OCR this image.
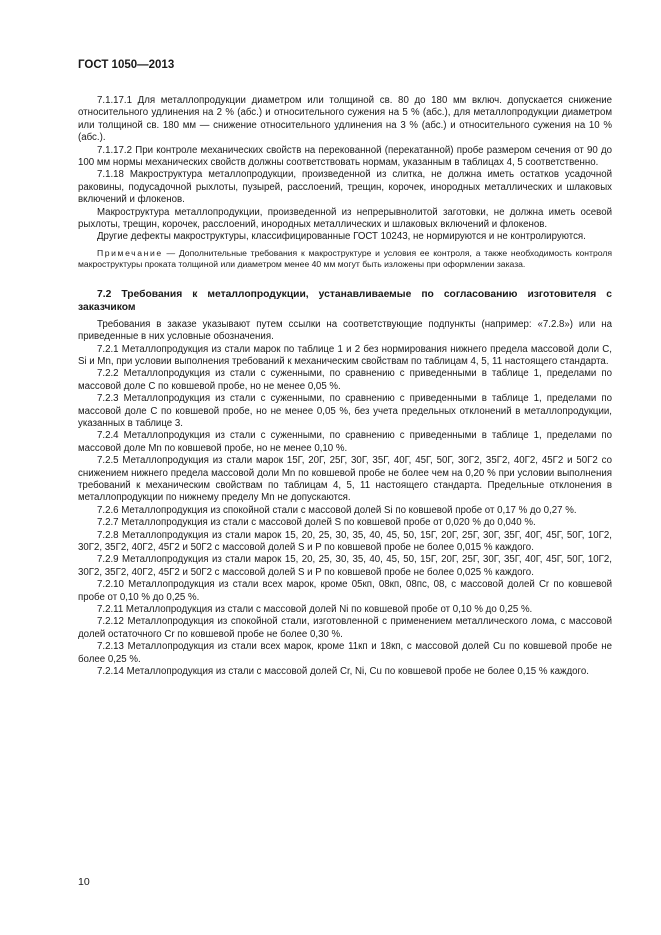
ГОСТ 1050—2013

7.1.17.1 Для металлопродукции диаметром или толщиной св. 80 до 180 мм включ. допускается снижение относительного удлинения на 2 % (абс.) и относительного сужения на 5 % (абс.), для металлопродукции диаметром или толщиной св. 180 мм — снижение относительного удлинения на 3 % (абс.) и относительного сужения на 10 % (абс.).

7.1.17.2 При контроле механических свойств на перекованной (перекатанной) пробе размером сечения от 90 до 100 мм нормы механических свойств должны соответствовать нормам, указанным в таблицах 4, 5 соответственно.

7.1.18 Макроструктура металлопродукции, произведенной из слитка, не должна иметь остатков усадочной раковины, подусадочной рыхлоты, пузырей, расслоений, трещин, корочек, инородных металлических и шлаковых включений и флокенов.

Макроструктура металлопродукции, произведенной из непрерывнолитой заготовки, не должна иметь осевой рыхлоты, трещин, корочек, расслоений, инородных металлических и шлаковых включений и флокенов.

Другие дефекты макроструктуры, классифицированные ГОСТ 10243, не нормируются и не контролируются.

Примечание — Дополнительные требования к макроструктуре и условия ее контроля, а также необходимость контроля макроструктуры проката толщиной или диаметром менее 40 мм могут быть изложены при оформлении заказа.

7.2 Требования к металлопродукции, устанавливаемые по согласованию изготовителя с заказчиком

Требования в заказе указывают путем ссылки на соответствующие подпункты (например: «7.2.8») или на приведенные в них условные обозначения.

7.2.1 Металлопродукция из стали марок по таблице 1 и 2 без нормирования нижнего предела массовой доли C, Si и Mn, при условии выполнения требований к механическим свойствам по таблицам 4, 5, 11 настоящего стандарта.

7.2.2 Металлопродукция из стали с суженными, по сравнению с приведенными в таблице 1, пределами по массовой доле C по ковшевой пробе, но не менее 0,05 %.

7.2.3 Металлопродукция из стали с суженными, по сравнению с приведенными в таблице 1, пределами по массовой доле C по ковшевой пробе, но не менее 0,05 %, без учета предельных отклонений в металлопродукции, указанных в таблице 3.

7.2.4 Металлопродукция из стали с суженными, по сравнению с приведенными в таблице 1, пределами по массовой доле Mn по ковшевой пробе, но не менее 0,10 %.

7.2.5 Металлопродукция из стали марок 15Г, 20Г, 25Г, 30Г, 35Г, 40Г, 45Г, 50Г, 30Г2, 35Г2, 40Г2, 45Г2 и 50Г2 со снижением нижнего предела массовой доли Mn по ковшевой пробе не более чем на 0,20 % при условии выполнения требований к механическим свойствам по таблицам 4, 5, 11 настоящего стандарта. Предельные отклонения в металлопродукции по нижнему пределу Mn не допускаются.

7.2.6 Металлопродукция из спокойной стали с массовой долей Si по ковшевой пробе от 0,17 % до 0,27 %.

7.2.7 Металлопродукция из стали с массовой долей S по ковшевой пробе от 0,020 % до 0,040 %.

7.2.8 Металлопродукция из стали марок 15, 20, 25, 30, 35, 40, 45, 50, 15Г, 20Г, 25Г, 30Г, 35Г, 40Г, 45Г, 50Г, 10Г2, 30Г2, 35Г2, 40Г2, 45Г2 и 50Г2 с массовой долей S и P по ковшевой пробе не более 0,015 % каждого.

7.2.9 Металлопродукция из стали марок 15, 20, 25, 30, 35, 40, 45, 50, 15Г, 20Г, 25Г, 30Г, 35Г, 40Г, 45Г, 50Г, 10Г2, 30Г2, 35Г2, 40Г2, 45Г2 и 50Г2 с массовой долей S и P по ковшевой пробе не более 0,025 % каждого.

7.2.10 Металлопродукция из стали всех марок, кроме 05кп, 08кп, 08пс, 08, с массовой долей Cr по ковшевой пробе от 0,10 % до 0,25 %.

7.2.11 Металлопродукция из стали с массовой долей Ni по ковшевой пробе от 0,10 % до 0,25 %.

7.2.12 Металлопродукция из спокойной стали, изготовленной с применением металлического лома, с массовой долей остаточного Cr по ковшевой пробе не более 0,30 %.

7.2.13 Металлопродукция из стали всех марок, кроме 11кп и 18кп, с массовой долей Cu по ковшевой пробе не более 0,25 %.

7.2.14 Металлопродукция из стали с массовой долей Cr, Ni, Cu по ковшевой пробе не более 0,15 % каждого.

10
